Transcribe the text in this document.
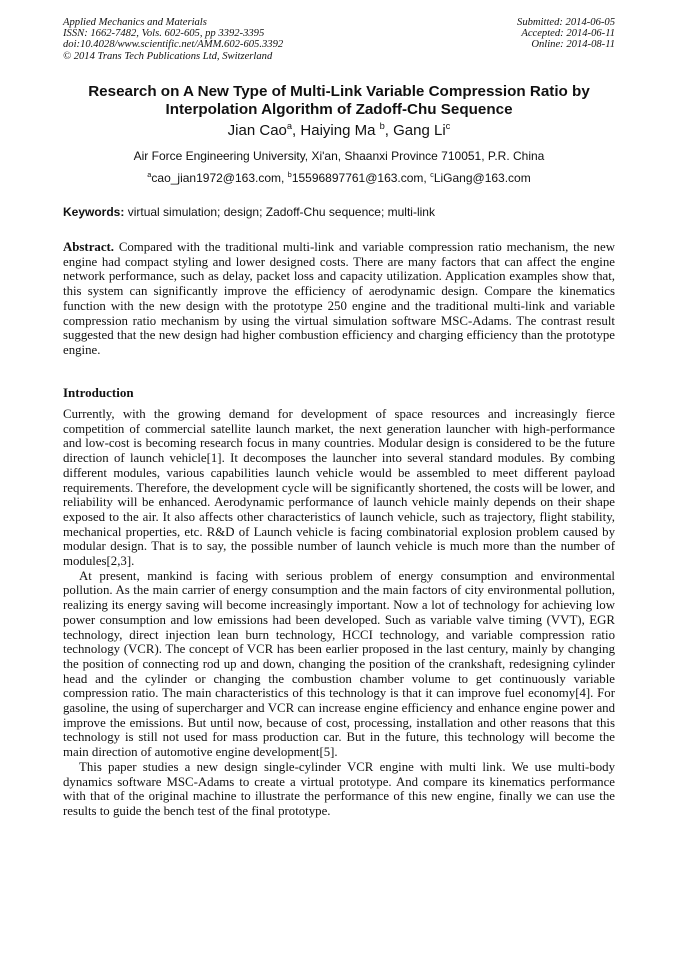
Applied Mechanics and Materials
ISSN: 1662-7482, Vols. 602-605, pp 3392-3395
doi:10.4028/www.scientific.net/AMM.602-605.3392
© 2014 Trans Tech Publications Ltd, Switzerland
Submitted: 2014-06-05
Accepted: 2014-06-11
Online: 2014-08-11
Research on A New Type of Multi-Link Variable Compression Ratio by Interpolation Algorithm of Zadoff-Chu Sequence
Jian Cao$^a$, Haiying Ma $^b$, Gang Li$^c$
Air Force Engineering University, Xi'an, Shaanxi Province 710051, P.R. China
$^a$cao_jian1972@163.com, $^b$15596897761@163.com, $^c$LiGang@163.com
Keywords: virtual simulation; design; Zadoff-Chu sequence; multi-link

Abstract. Compared with the traditional multi-link and variable compression ratio mechanism, the new engine had compact styling and lower designed costs. There are many factors that can affect the engine network performance, such as delay, packet loss and capacity utilization. Application examples show that, this system can significantly improve the efficiency of aerodynamic design. Compare the kinematics function with the new design with the prototype 250 engine and the traditional multi-link and variable compression ratio mechanism by using the virtual simulation software MSC-Adams. The contrast result suggested that the new design had higher combustion efficiency and charging efficiency than the prototype engine.

Introduction

Currently, with the growing demand for development of space resources and increasingly fierce competition of commercial satellite launch market, the next generation launcher with high-performance and low-cost is becoming research focus in many countries. Modular design is considered to be the future direction of launch vehicle[1]. It decomposes the launcher into several standard modules. By combing different modules, various capabilities launch vehicle would be assembled to meet different payload requirements. Therefore, the development cycle will be significantly shortened, the costs will be lower, and reliability will be enhanced. Aerodynamic performance of launch vehicle mainly depends on their shape exposed to the air. It also affects other characteristics of launch vehicle, such as trajectory, flight stability, mechanical properties, etc. R&D of Launch vehicle is facing combinatorial explosion problem caused by modular design. That is to say, the possible number of launch vehicle is much more than the number of modules[2,3].

At present, mankind is facing with serious problem of energy consumption and environmental pollution. As the main carrier of energy consumption and the main factors of city environmental pollution, realizing its energy saving will become increasingly important. Now a lot of technology for achieving low power consumption and low emissions had been developed. Such as variable valve timing (VVT), EGR technology, direct injection lean burn technology, HCCI technology, and variable compression ratio technology (VCR). The concept of VCR has been earlier proposed in the last century, mainly by changing the position of connecting rod up and down, changing the position of the crankshaft, redesigning cylinder head and the cylinder or changing the combustion chamber volume to get continuously variable compression ratio. The main characteristics of this technology is that it can improve fuel economy[4]. For gasoline, the using of supercharger and VCR can increase engine efficiency and enhance engine power and improve the emissions. But until now, because of cost, processing, installation and other reasons that this technology is still not used for mass production car. But in the future, this technology will become the main direction of automotive engine development[5].

This paper studies a new design single-cylinder VCR engine with multi link. We use multi-body dynamics software MSC-Adams to create a virtual prototype. And compare its kinematics performance with that of the original machine to illustrate the performance of this new engine, finally we can use the results to guide the bench test of the final prototype.
